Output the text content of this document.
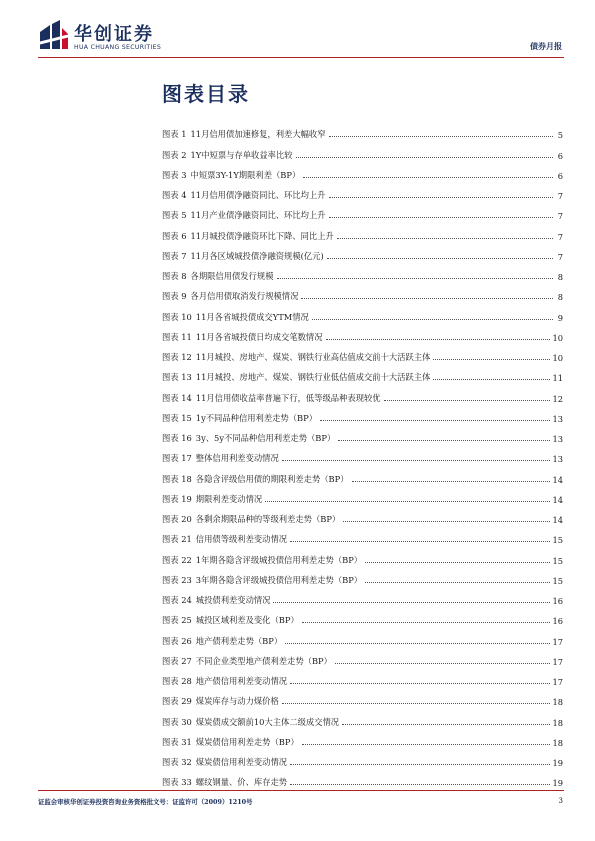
华创证券
HUA CHUANG SECURITIES	债券月报
图表目录
图表 1 11月信用债加速修复，利差大幅收窄	5
图表 2 1Y中短票与存单收益率比较	6
图表 3 中短票3Y-1Y期限利差（BP）	6
图表 4 11月信用债净融资同比、环比均上升	7
图表 5 11月产业债净融资同比、环比均上升	7
图表 6 11月城投债净融资环比下降、同比上升	7
图表 7 11月各区域城投债净融资规模(亿元)	7
图表 8 各期限信用债发行规模	8
图表 9 各月信用债取消发行规模情况	8
图表 10 11月各省城投债成交YTM情况	9
图表 11 11月各省城投债日均成交笔数情况	10
图表 12 11月城投、房地产、煤炭、钢铁行业高估值成交前十大活跃主体	10
图表 13 11月城投、房地产、煤炭、钢铁行业低估值成交前十大活跃主体	11
图表 14 11月信用债收益率普遍下行，低等级品种表现较优	12
图表 15 1y不同品种信用利差走势（BP）	13
图表 16 3y、5y不同品种信用利差走势（BP）	13
图表 17 整体信用利差变动情况	13
图表 18 各隐含评级信用债的期限利差走势（BP）	14
图表 19 期限利差变动情况	14
图表 20 各剩余期限品种的等级利差走势（BP）	14
图表 21 信用债等级利差变动情况	15
图表 22 1年期各隐含评级城投债信用利差走势（BP）	15
图表 23 3年期各隐含评级城投债信用利差走势（BP）	15
图表 24 城投债利差变动情况	16
图表 25 城投区域利差及变化（BP）	16
图表 26 地产债利差走势（BP）	17
图表 27 不同企业类型地产债利差走势（BP）	17
图表 28 地产债信用利差变动情况	17
图表 29 煤炭库存与动力煤价格	18
图表 30 煤炭债成交额前10大主体二级成交情况	18
图表 31 煤炭债信用利差走势（BP）	18
图表 32 煤炭债信用利差变动情况	19
图表 33 螺纹钢量、价、库存走势	19
证监会审核华创证券投资咨询业务资格批文号：证监许可（2009）1210号	3
